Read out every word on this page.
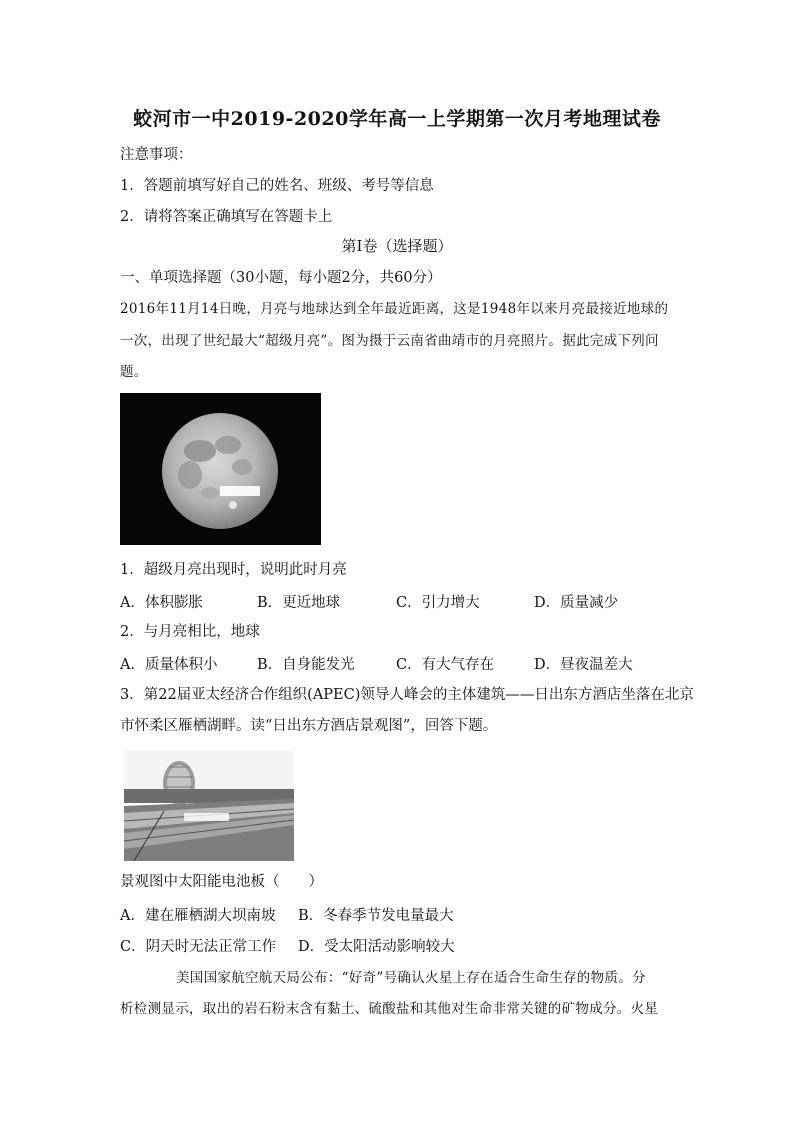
蛟河市一中2019-2020学年高一上学期第一次月考地理试卷
注意事项：
1．答题前填写好自己的姓名、班级、考号等信息
2．请将答案正确填写在答题卡上
第I卷（选择题）
一、单项选择题（30小题，每小题2分，共60分）
2016年11月14日晚，月亮与地球达到全年最近距离，这是1948年以来月亮最接近地球的
一次，出现了世纪最大“超级月亮”。图为摄于云南省曲靖市的月亮照片。据此完成下列问
题。
1．超级月亮出现时，说明此时月亮
A．体积膨胀	B．更近地球	C．引力增大	D．质量减少
2．与月亮相比，地球
A．质量体积小	B．自身能发光	C．有大气存在	D．昼夜温差大
3．第22届亚太经济合作组织(APEC)领导人峰会的主体建筑——日出东方酒店坐落在北京
市怀柔区雁栖湖畔。读“日出东方酒店景观图”，回答下题。
景观图中太阳能电池板（　　）
A．建在雁栖湖大坝南坡 B．冬春季节发电量最大
C．阴天时无法正常工作 D．受太阳活动影响较大
美国国家航空航天局公布：“好奇”号确认火星上存在适合生命生存的物质。分
析检测显示，取出的岩石粉末含有黏土、硫酸盐和其他对生命非常关键的矿物成分。火星
